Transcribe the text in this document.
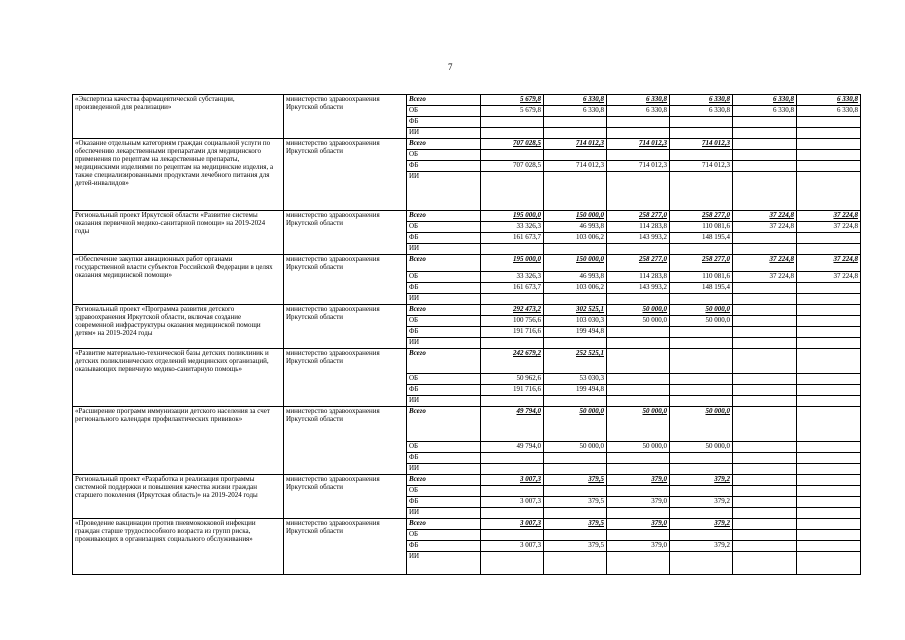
7
«Экспертиза качества фармацевтической субстанции, произведенной для реализации»	министерство здравоохранения Иркутской области	Всего	5 679,8	6 330,8	6 330,8	6 330,8	6 330,8	6 330,8
		ОБ	5 679,8	6 330,8	6 330,8	6 330,8	6 330,8	6 330,8
		ФБ						
		ИИ						
«Оказание отдельным категориям граждан социальной услуги по обеспечению лекарственными препаратами для медицинского применения по рецептам на лекарственные препараты, медицинскими изделиями по рецептам на медицинские изделия, а также специализированными продуктами лечебного питания для детей-инвалидов»	министерство здравоохранения Иркутской области	Всего	707 028,5	714 012,3	714 012,3	714 012,3		
		ОБ						
		ФБ	707 028,5	714 012,3	714 012,3	714 012,3		
		ИИ						
Региональный проект Иркутской области «Развитие системы оказания первичной медико-санитарной помощи» на 2019-2024 годы	министерство здравоохранения Иркутской области	Всего	195 000,0	150 000,0	258 277,0	258 277,0	37 224,8	37 224,8
		ОБ	33 326,3	46 993,8	114 283,8	110 081,6	37 224,8	37 224,8
		ФБ	161 673,7	103 006,2	143 993,2	148 195,4		
		ИИ						
«Обеспечение закупки авиационных работ органами государственной власти субъектов Российской Федерации в целях оказания медицинской помощи»	министерство здравоохранения Иркутской области	Всего	195 000,0	150 000,0	258 277,0	258 277,0	37 224,8	37 224,8
		ОБ	33 326,3	46 993,8	114 283,8	110 081,6	37 224,8	37 224,8
		ФБ	161 673,7	103 006,2	143 993,2	148 195,4		
		ИИ						
Региональный проект «Программа развития детского здравоохранения Иркутской области, включая создание современной инфраструктуры оказания медицинской помощи детям» на 2019-2024 годы	министерство здравоохранения Иркутской области	Всего	292 473,2	302 525,1	50 000,0	50 000,0		
		ОБ	100 756,6	103 030,3	50 000,0	50 000,0		
		ФБ	191 716,6	199 494,8				
		ИИ						
«Развитие материально-технической базы детских поликлиник и детских поликлинических отделений медицинских организаций, оказывающих первичную медико-санитарную помощь»	министерство здравоохранения Иркутской области	Всего	242 679,2	252 525,1				
		ОБ	50 962,6	53 030,3				
		ФБ	191 716,6	199 494,8				
		ИИ						
«Расширение программ иммунизации детского населения за счет регионального календаря профилактических прививок»	министерство здравоохранения Иркутской области	Всего	49 794,0	50 000,0	50 000,0	50 000,0		
		ОБ	49 794,0	50 000,0	50 000,0	50 000,0		
		ФБ						
		ИИ						
Региональный проект «Разработка и реализация программы системной поддержки и повышения качества жизни граждан старшего поколения (Иркутская область)» на 2019-2024 годы	министерство здравоохранения Иркутской области	Всего	3 007,3	379,5	379,0	379,2		
		ОБ						
		ФБ	3 007,3	379,5	379,0	379,2		
		ИИ						
«Проведение вакцинации против пневмококковой инфекции граждан старше трудоспособного возраста из групп риска, проживающих в организациях социального обслуживания»	министерство здравоохранения Иркутской области	Всего	3 007,3	379,5	379,0	379,2		
		ОБ						
		ФБ	3 007,3	379,5	379,0	379,2		
		ИИ						
